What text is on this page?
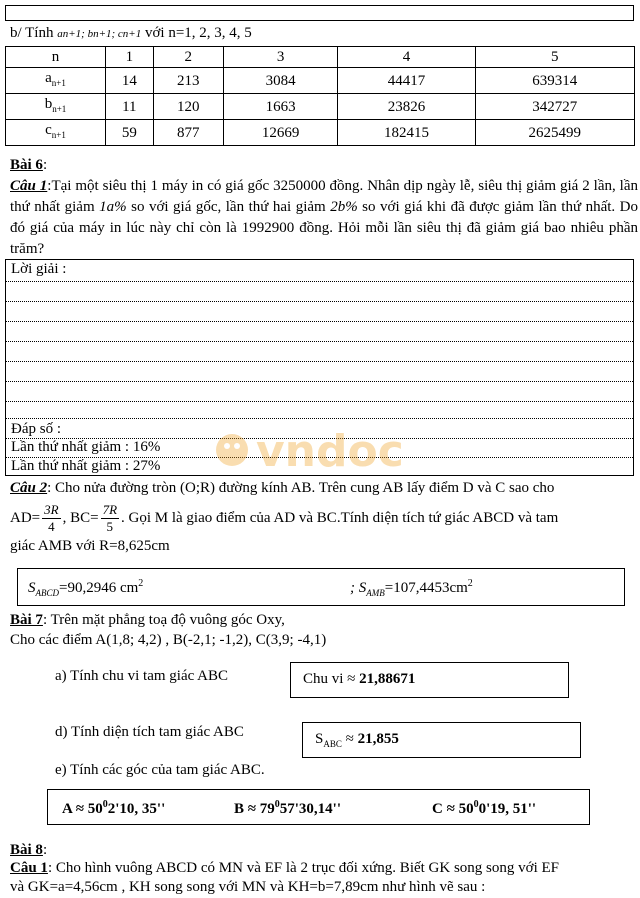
b/ Tính an+1; bn+1; cn+1 với n=1, 2, 3, 4, 5
n	1	2	3	4	5
$a_{n+1}$	14	213	3084	44417	639314
$b_{n+1}$	11	120	1663	23826	342727
$c_{n+1}$	59	877	12669	182415	2625499
Bài 6:
Câu 1:Tại một siêu thị 1 máy in có giá gốc 3250000 đồng. Nhân dịp ngày lễ, siêu thị giảm giá 2 lần, lần thứ nhất giảm 1a% so với giá gốc, lần thứ hai giảm 2b% so với giá khi đã được giảm lần thứ nhất. Do đó giá của máy in lúc này chỉ còn là 1992900 đồng. Hỏi mỗi lần siêu thị đã giảm giá bao nhiêu phần trăm?
Lời giải :
Đáp số :
Lần thứ nhất giảm : 16%
Lần thứ nhất giảm : 27% vndoc
Câu 2: Cho nửa đường tròn (O;R) đường kính AB. Trên cung AB lấy điểm D và C sao cho
$AD= \frac{3R}{4}$ , $BC= \frac{7R}{5}$ . Gọi M là giao điểm của AD và BC.Tính diện tích tứ giác ABCD và tam
giác AMB với R=8,625cm
$S_{ABCD}=90,2946$ $cm^2$	; $S_{AMB}=107,4453cm^2$
Bài 7: Trên mặt phẳng toạ độ vuông góc Oxy,
Cho các điểm A(1,8; 4,2) , B(-2,1; -1,2), C(3,9; -4,1)
a) Tính chu vi tam giác ABC	Chu vi ≈ 21,88671
d) Tính diện tích tam giác ABC	$S_{ABC} \approx 21,855$
e) Tính các góc của tam giác ABC.
$A \approx 50^02'10$, 35''	$B \approx 79^057'30,14''$	$C \approx 50^00'19$, 51''
Bài 8:
Câu 1: Cho hình vuông ABCD có MN và EF là 2 trục đối xứng. Biết GK song song với EF
và GK=a=4,56cm , KH song song với MN và KH=b=7,89cm như hình vẽ sau :
